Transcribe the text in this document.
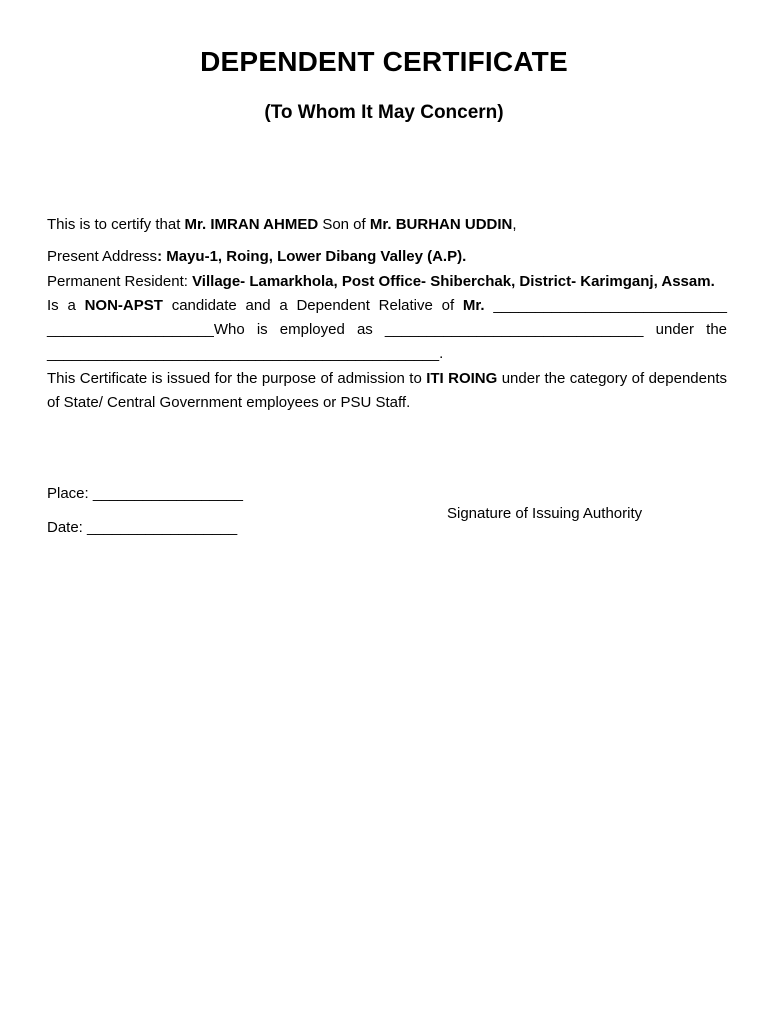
DEPENDENT CERTIFICATE
(To Whom It May Concern)

This is to certify that Mr. IMRAN AHMED Son of Mr. BURHAN UDDIN,

Present Address: Mayu-1, Roing, Lower Dibang Valley (A.P).

Permanent Resident: Village- Lamarkhola, Post Office- Shiberchak, District- Karimganj, Assam.

Is a NON-APST candidate and a Dependent Relative of Mr. ____________________________ ____________________Who is employed as _______________________________ under the _______________________________________________.

This Certificate is issued for the purpose of admission to ITI ROING under the category of dependents of State/ Central Government employees or PSU Staff.

Place: __________________
Date: __________________
Signature of Issuing Authority
